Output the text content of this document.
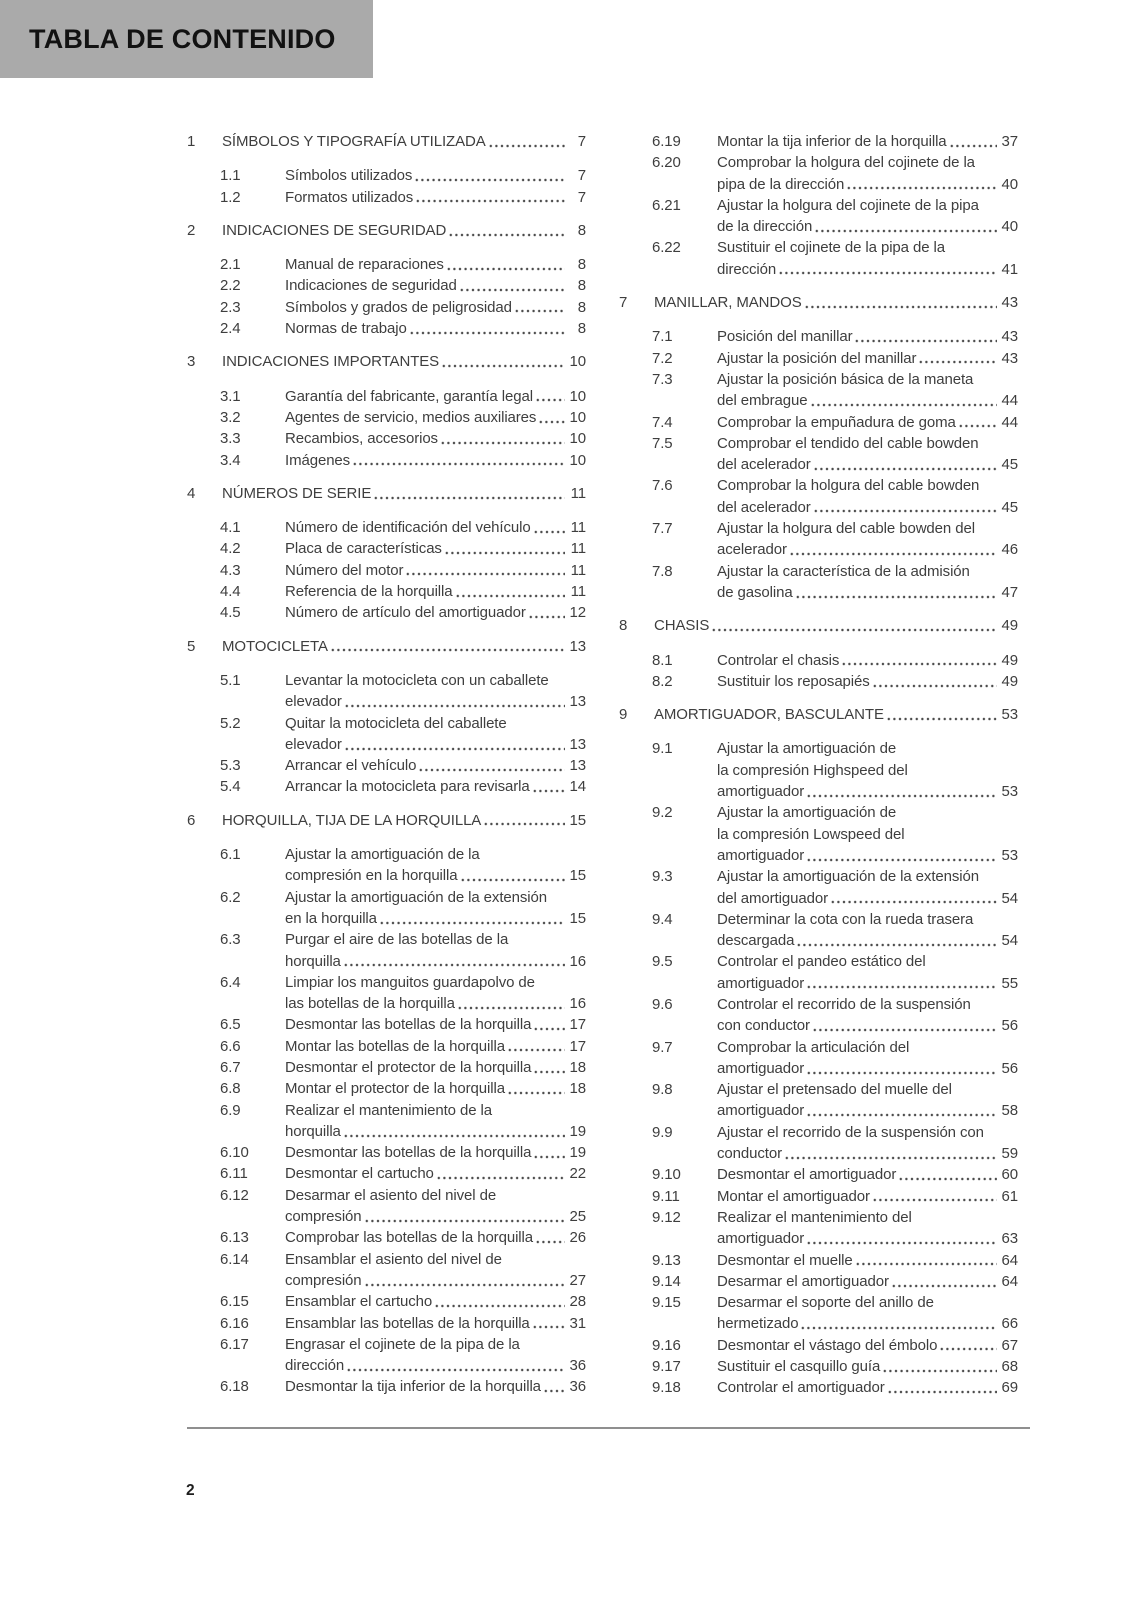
TABLA DE CONTENIDO
1	SÍMBOLOS Y TIPOGRAFÍA UTILIZADA	7
1.1	Símbolos utilizados	7
1.2	Formatos utilizados	7
2	INDICACIONES DE SEGURIDAD	8
2.1	Manual de reparaciones	8
2.2	Indicaciones de seguridad	8
2.3	Símbolos y grados de peligrosidad	8
2.4	Normas de trabajo	8
3	INDICACIONES IMPORTANTES	10
3.1	Garantía del fabricante, garantía legal 10
3.2	Agentes de servicio, medios auxiliares 10
3.3	Recambios, accesorios	10
3.4	Imágenes	10
4	NÚMEROS DE SERIE	11
4.1	Número de identificación del vehículo	11
4.2	Placa de características	11
4.3	Número del motor	11
4.4	Referencia de la horquilla	11
4.5	Número de artículo del amortiguador	12
5	MOTOCICLETA	13
5.1	Levantar la motocicleta con un caballete
elevador	13
5.2	Quitar la motocicleta del caballete
elevador	13
5.3	Arrancar el vehículo	13
5.4	Arrancar la motocicleta para revisarla	14
6	HORQUILLA, TIJA DE LA HORQUILLA	15
6.1	Ajustar la amortiguación de la
compresión en la horquilla	15
6.2	Ajustar la amortiguación de la extensión
en la horquilla	15
6.3	Purgar el aire de las botellas de la
horquilla	16
6.4	Limpiar los manguitos guardapolvo de
las botellas de la horquilla	16
6.5	Desmontar las botellas de la horquilla	17
6.6	Montar las botellas de la horquilla	17
6.7	Desmontar el protector de la horquilla	18
6.8	Montar el protector de la horquilla	18
6.9	Realizar el mantenimiento de la
horquilla	19
6.10	Desmontar las botellas de la horquilla	19
6.11	Desmontar el cartucho	22
6.12	Desarmar el asiento del nivel de
compresión	25
6.13	Comprobar las botellas de la horquilla 26
6.14	Ensamblar el asiento del nivel de
compresión	27
6.15	Ensamblar el cartucho	28
6.16	Ensamblar las botellas de la horquilla	31
6.17	Engrasar el cojinete de la pipa de la
dirección	36
6.18	Desmontar la tija inferior de la horquilla 36
6.19	Montar la tija inferior de la horquilla	37
6.20	Comprobar la holgura del cojinete de la
pipa de la dirección	40
6.21	Ajustar la holgura del cojinete de la pipa
de la dirección	40
6.22	Sustituir el cojinete de la pipa de la
dirección	41
7	MANILLAR, MANDOS	43
7.1	Posición del manillar	43
7.2	Ajustar la posición del manillar	43
7.3	Ajustar la posición básica de la maneta
del embrague	44
7.4	Comprobar la empuñadura de goma	44
7.5	Comprobar el tendido del cable bowden
del acelerador	45
7.6	Comprobar la holgura del cable bowden
del acelerador	45
7.7	Ajustar la holgura del cable bowden del
acelerador	46
7.8	Ajustar la característica de la admisión
de gasolina	47
8	CHASIS	49
8.1	Controlar el chasis	49
8.2	Sustituir los reposapiés	49
9	AMORTIGUADOR, BASCULANTE	53
9.1	Ajustar la amortiguación de
la compresión Highspeed del
amortiguador	53
9.2	Ajustar la amortiguación de
la compresión Lowspeed del
amortiguador	53
9.3	Ajustar la amortiguación de la extensión
del amortiguador	54
9.4	Determinar la cota con la rueda trasera
descargada	54
9.5	Controlar el pandeo estático del
amortiguador	55
9.6	Controlar el recorrido de la suspensión
con conductor	56
9.7	Comprobar la articulación del
amortiguador	56
9.8	Ajustar el pretensado del muelle del
amortiguador	58
9.9	Ajustar el recorrido de la suspensión con
conductor	59
9.10	Desmontar el amortiguador	60
9.11	Montar el amortiguador	61
9.12	Realizar el mantenimiento del
amortiguador	63
9.13	Desmontar el muelle	64
9.14	Desarmar el amortiguador	64
9.15	Desarmar el soporte del anillo de
hermetizado	66
9.16	Desmontar el vástago del émbolo	67
9.17	Sustituir el casquillo guía	68
9.18	Controlar el amortiguador	69
2
